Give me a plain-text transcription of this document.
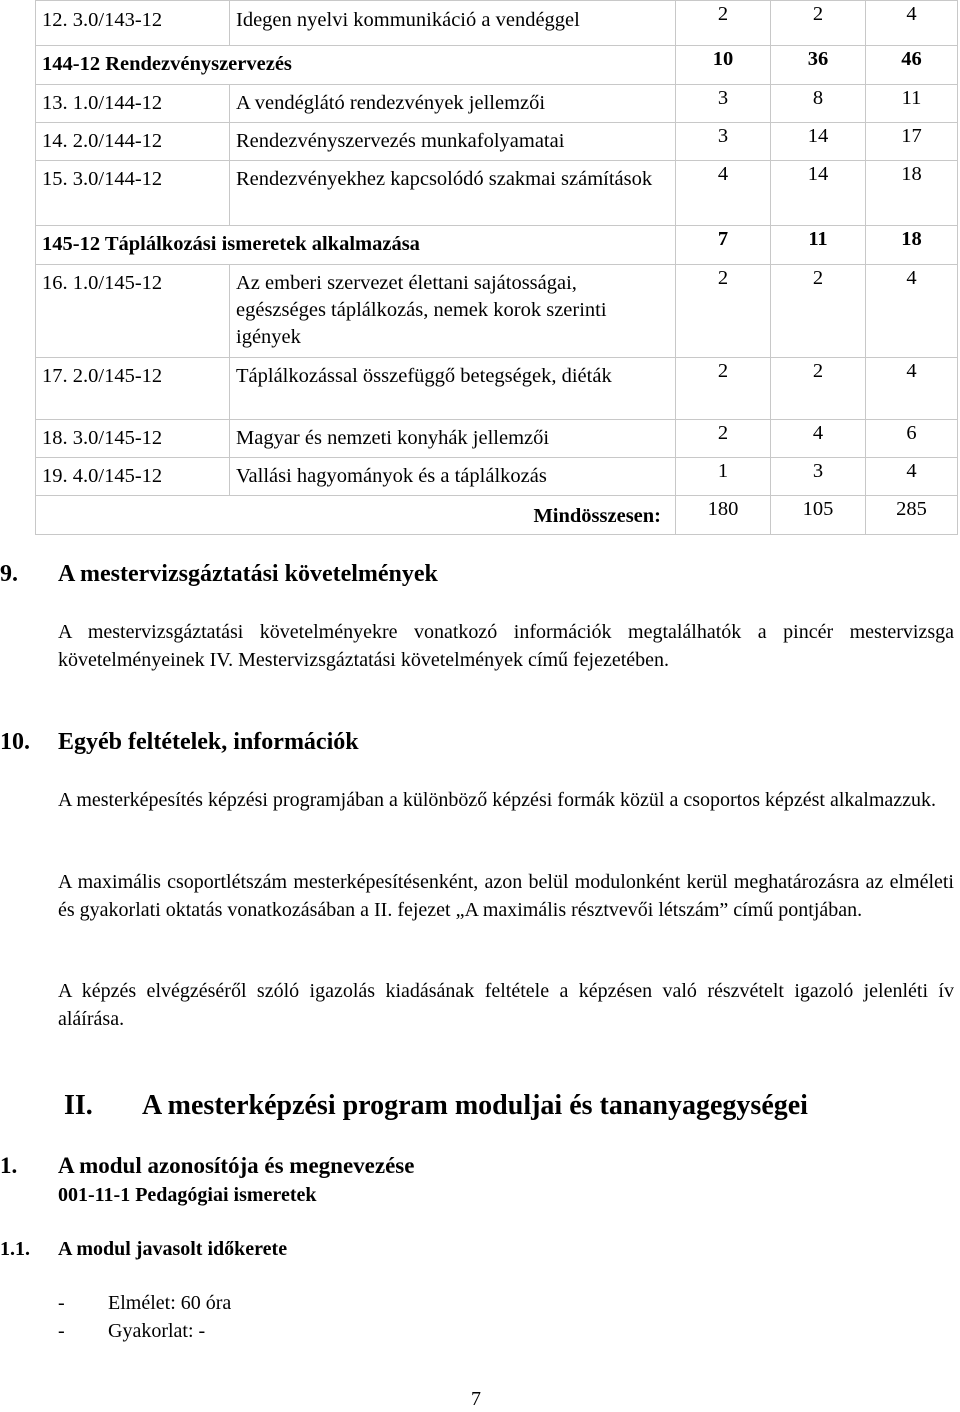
12. 3.0/143-12	Idegen nyelvi kommunikáció a vendéggel	2	2	4
144-12 Rendezvényszervezés		10	36	46
13. 1.0/144-12	A vendéglátó rendezvények jellemzői	3	8	11
14. 2.0/144-12	Rendezvényszervezés munkafolyamatai	3	14	17
15. 3.0/144-12	Rendezvényekhez kapcsolódó szakmai számítások	4	14	18
145-12 Táplálkozási ismeretek alkalmazása		7	11	18
16. 1.0/145-12	Az emberi szervezet élettani sajátosságai, egészséges táplálkozás, nemek korok szerinti igények	2	2	4
17. 2.0/145-12	Táplálkozással összefüggő betegségek, diéták	2	2	4
18. 3.0/145-12	Magyar és nemzeti konyhák jellemzői	2	4	6
19. 4.0/145-12	Vallási hagyományok és a táplálkozás	1	3	4
Mindösszesen:		180	105	285
9. A mestervizsgáztatási követelmények

A mestervizsgáztatási követelményekre vonatkozó információk megtalálhatók a pincér mestervizsga követelményeinek IV. Mestervizsgáztatási követelmények című fejezetében.

10. Egyéb feltételek, információk

A mesterképesítés képzési programjában a különböző képzési formák közül a csoportos képzést alkalmazzuk.

A maximális csoportlétszám mesterképesítésenként, azon belül modulonként kerül meghatározásra az elméleti és gyakorlati oktatás vonatkozásában a II. fejezet „A maximális résztvevői létszám” című pontjában.

A képzés elvégzéséről szóló igazolás kiadásának feltétele a képzésen való részvételt igazoló jelenléti ív aláírása.

II. A mesterképzési program moduljai és tananyagegységei
1. A modul azonosítója és megnevezése
001-11-1 Pedagógiai ismeretek
1.1. A modul javasolt időkerete
- Elmélet: 60 óra
- Gyakorlat: -
7
